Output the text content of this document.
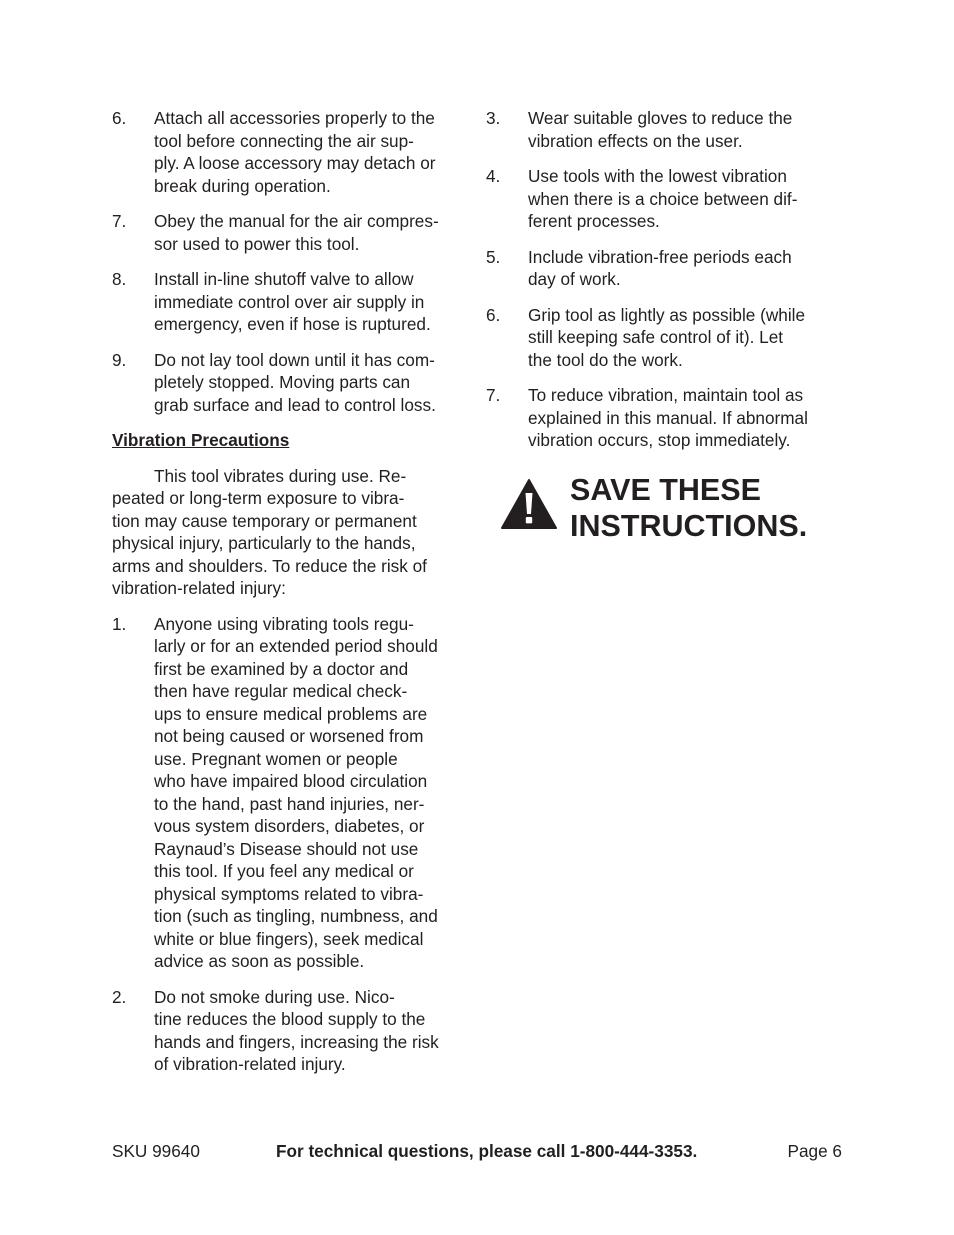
6. Attach all accessories properly to the
tool before connecting the air sup-
ply. A loose accessory may detach or
break during operation.
7. Obey the manual for the air compres-
sor used to power this tool.
8. Install in-line shutoff valve to allow
immediate control over air supply in
emergency, even if hose is ruptured.
9. Do not lay tool down until it has com-
pletely stopped. Moving parts can
grab surface and lead to control loss.
Vibration Precautions
This tool vibrates during use. Re-
peated or long-term exposure to vibra-
tion may cause temporary or permanent
physical injury, particularly to the hands,
arms and shoulders. To reduce the risk of
vibration-related injury:
1. Anyone using vibrating tools regu-
larly or for an extended period should
first be examined by a doctor and
then have regular medical check-
ups to ensure medical problems are
not being caused or worsened from
use. Pregnant women or people
who have impaired blood circulation
to the hand, past hand injuries, ner-
vous system disorders, diabetes, or
Raynaud’s Disease should not use
this tool. If you feel any medical or
physical symptoms related to vibra-
tion (such as tingling, numbness, and
white or blue fingers), seek medical
advice as soon as possible.
2. Do not smoke during use. Nico-
tine reduces the blood supply to the
hands and fingers, increasing the risk
of vibration-related injury.
3. Wear suitable gloves to reduce the
vibration effects on the user.
4. Use tools with the lowest vibration
when there is a choice between dif-
ferent processes.
5. Include vibration-free periods each
day of work.
6. Grip tool as lightly as possible (while
still keeping safe control of it). Let
the tool do the work.
7. To reduce vibration, maintain tool as
explained in this manual. If abnormal
vibration occurs, stop immediately.
SAVE THESE
INSTRUCTIONS.
SKU 99640	For technical questions, please call 1-800-444-3353.	Page 6
